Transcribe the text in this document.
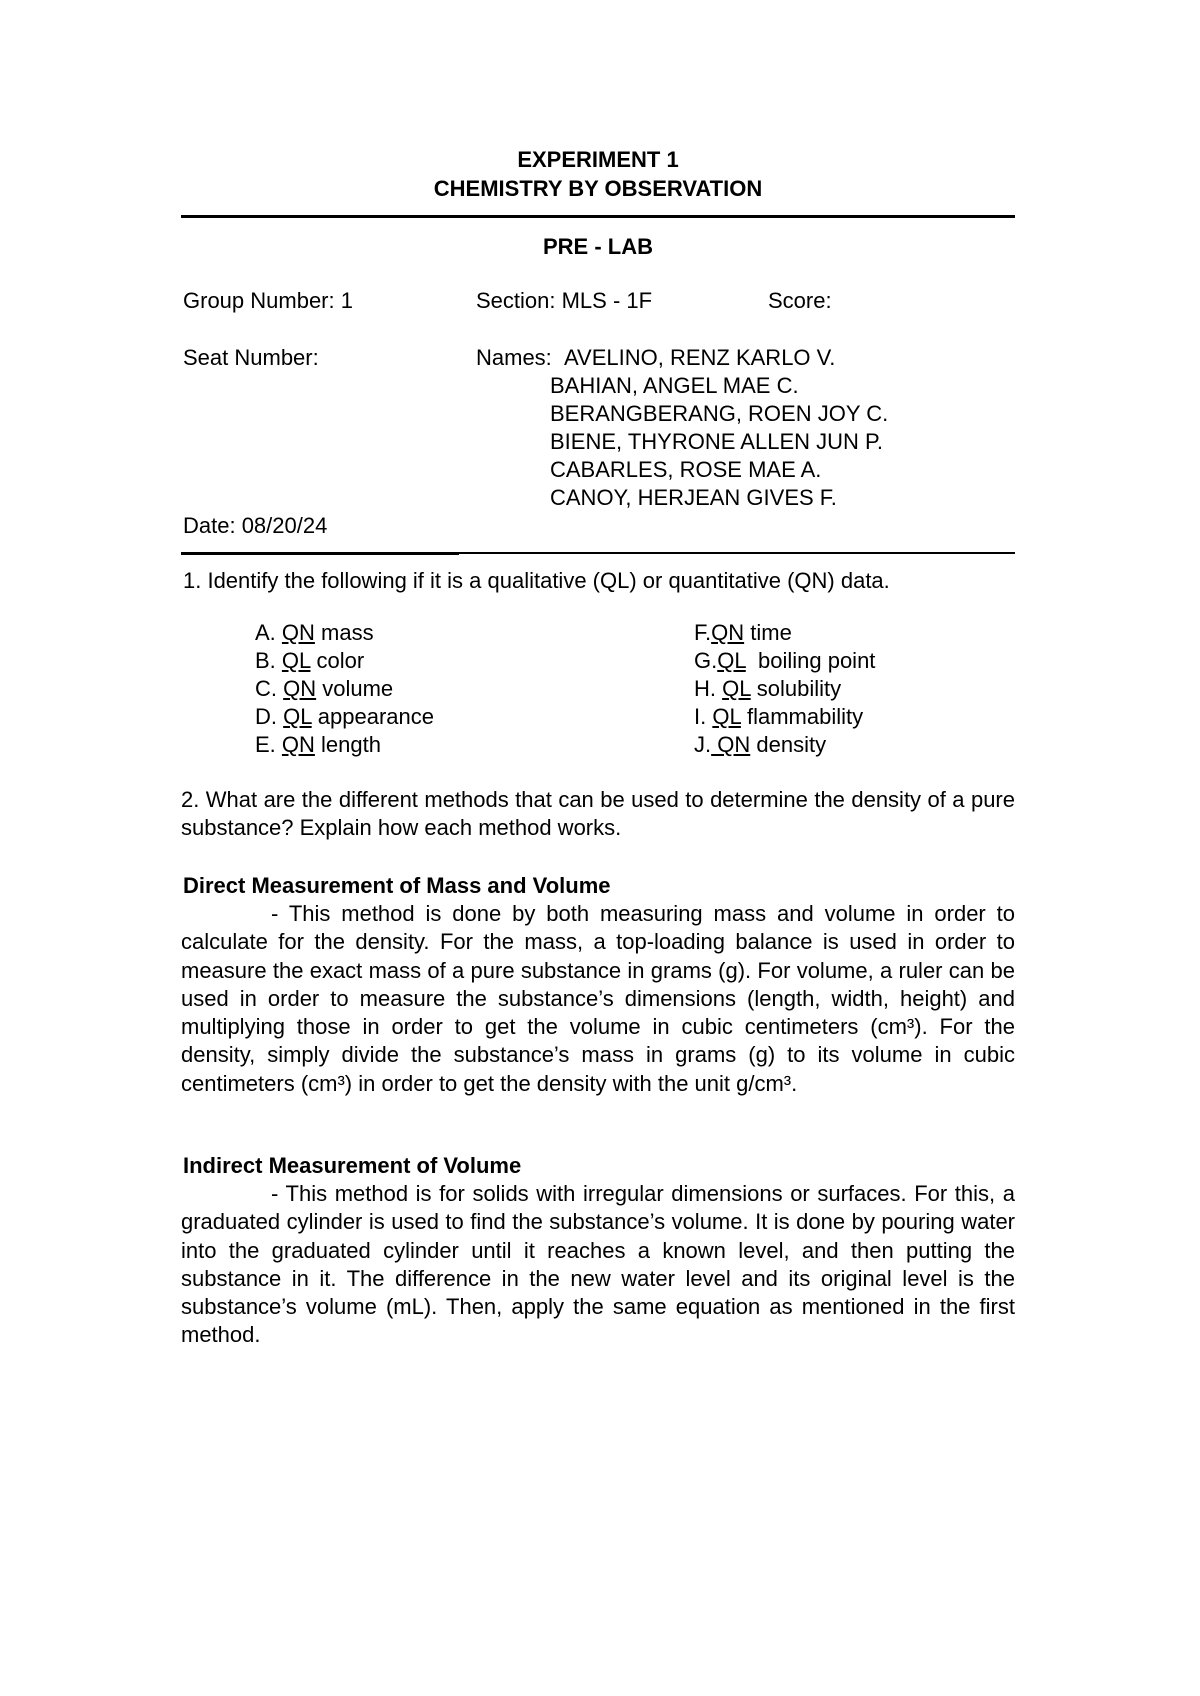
EXPERIMENT 1
CHEMISTRY BY OBSERVATION
PRE - LAB
Group Number: 1	Section: MLS - 1F	Score:
Seat Number:	Names: AVELINO, RENZ KARLO V.
BAHIAN, ANGEL MAE C.
BERANGBERANG, ROEN JOY C.
BIENE, THYRONE ALLEN JUN P.
CABARLES, ROSE MAE A.
CANOY, HERJEAN GIVES F.
Date: 08/20/24
1. Identify the following if it is a qualitative (QL) or quantitative (QN) data.
A. QN mass
B. QL color
C. QN volume
D. QL appearance
E. QN length
F.QN time
G.QL  boiling point
H. QL solubility
I. QL flammability
J. QN density
2. What are the different methods that can be used to determine the density of a pure substance? Explain how each method works.
Direct Measurement of Mass and Volume
- This method is done by both measuring mass and volume in order to calculate for the density. For the mass, a top-loading balance is used in order to measure the exact mass of a pure substance in grams (g). For volume, a ruler can be used in order to measure the substance’s dimensions (length, width, height) and multiplying those in order to get the volume in cubic centimeters (cm³). For the density, simply divide the substance’s mass in grams (g) to its volume in cubic centimeters (cm³) in order to get the density with the unit g/cm³.
Indirect Measurement of Volume
- This method is for solids with irregular dimensions or surfaces. For this, a graduated cylinder is used to find the substance’s volume. It is done by pouring water into the graduated cylinder until it reaches a known level, and then putting the substance in it. The difference in the new water level and its original level is the substance’s volume (mL). Then, apply the same equation as mentioned in the first method.
